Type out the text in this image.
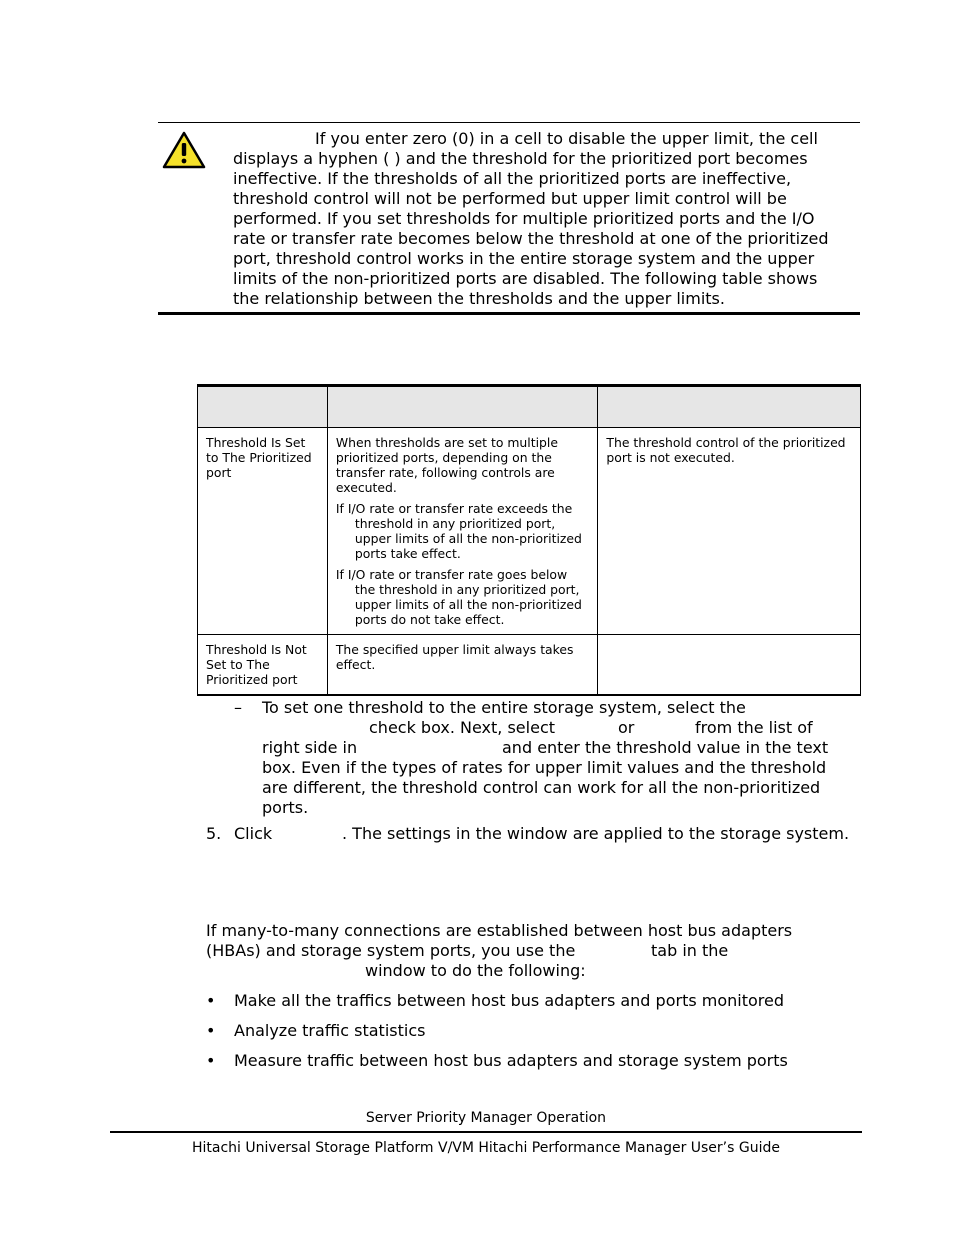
If you enter zero (0) in a cell to disable the upper limit, the cell
displays a hyphen ( ) and the threshold for the prioritized port becomes
ineffective. If the thresholds of all the prioritized ports are ineffective,
threshold control will not be performed but upper limit control will be
performed. If you set thresholds for multiple prioritized ports and the I/O
rate or transfer rate becomes below the threshold at one of the prioritized
port, threshold control works in the entire storage system and the upper
limits of the non-prioritized ports are disabled. The following table shows
the relationship between the thresholds and the upper limits.

Threshold Is Set to The Prioritized port	When thresholds are set to multiple prioritized ports, depending on the transfer rate, following controls are executed.

If I/O rate or transfer rate exceeds the threshold in any prioritized port, upper limits of all the non-prioritized ports take effect.

If I/O rate or transfer rate goes below the threshold in any prioritized port, upper limits of all the non-prioritized ports do not take effect.	The threshold control of the prioritized port is not executed.
Threshold Is Not Set to The Prioritized port	The specified upper limit always takes effect.	
– To set one threshold to the entire storage system, select the
check box. Next, select	or	from the list of
right side in	and enter the threshold value in the text
box. Even if the types of rates for upper limit values and the threshold
are different, the threshold control can work for all the non-prioritized
ports.
5. Click	. The settings in the window are applied to the storage system.
If many-to-many connections are established between host bus adapters
(HBAs) and storage system ports, you use the	tab in the
window to do the following:
• Make all the traffics between host bus adapters and ports monitored
• Analyze traffic statistics
• Measure traffic between host bus adapters and storage system ports
Server Priority Manager Operation
Hitachi Universal Storage Platform V/VM Hitachi Performance Manager User’s Guide
